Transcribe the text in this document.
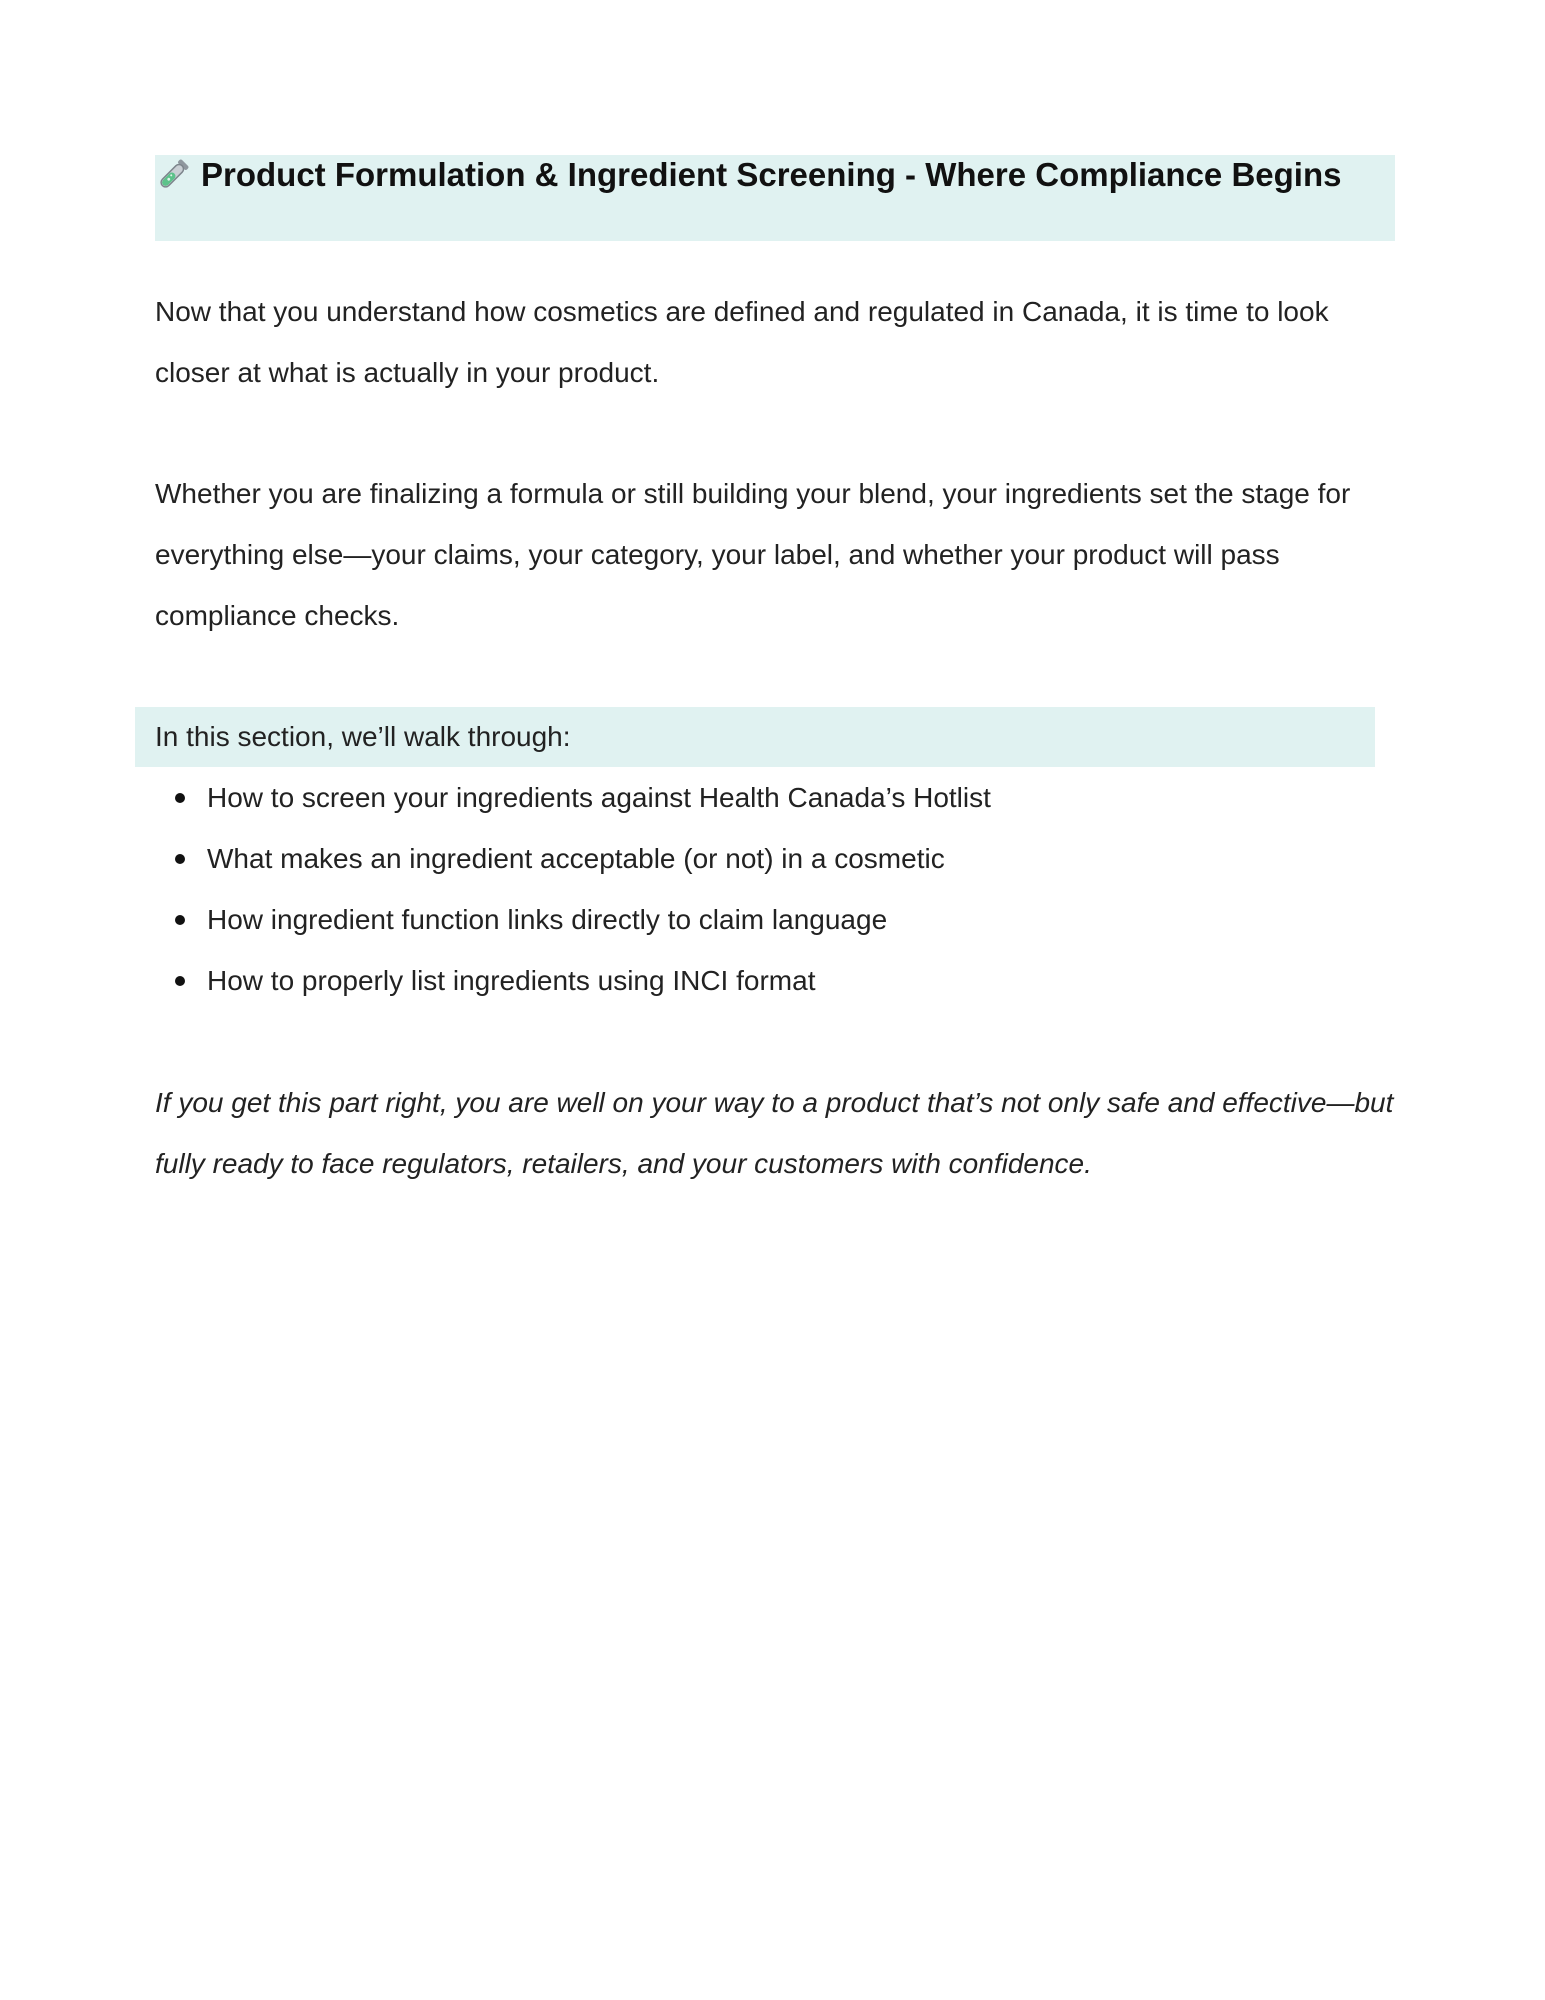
Product Formulation & Ingredient Screening - Where Compliance Begins

Now that you understand how cosmetics are defined and regulated in Canada, it is time to look closer at what is actually in your product.

Whether you are finalizing a formula or still building your blend, your ingredients set the stage for everything else—your claims, your category, your label, and whether your product will pass compliance checks.

In this section, we’ll walk through:

How to screen your ingredients against Health Canada’s Hotlist
What makes an ingredient acceptable (or not) in a cosmetic
How ingredient function links directly to claim language
How to properly list ingredients using INCI format

If you get this part right, you are well on your way to a product that’s not only safe and effective—but fully ready to face regulators, retailers, and your customers with confidence.
